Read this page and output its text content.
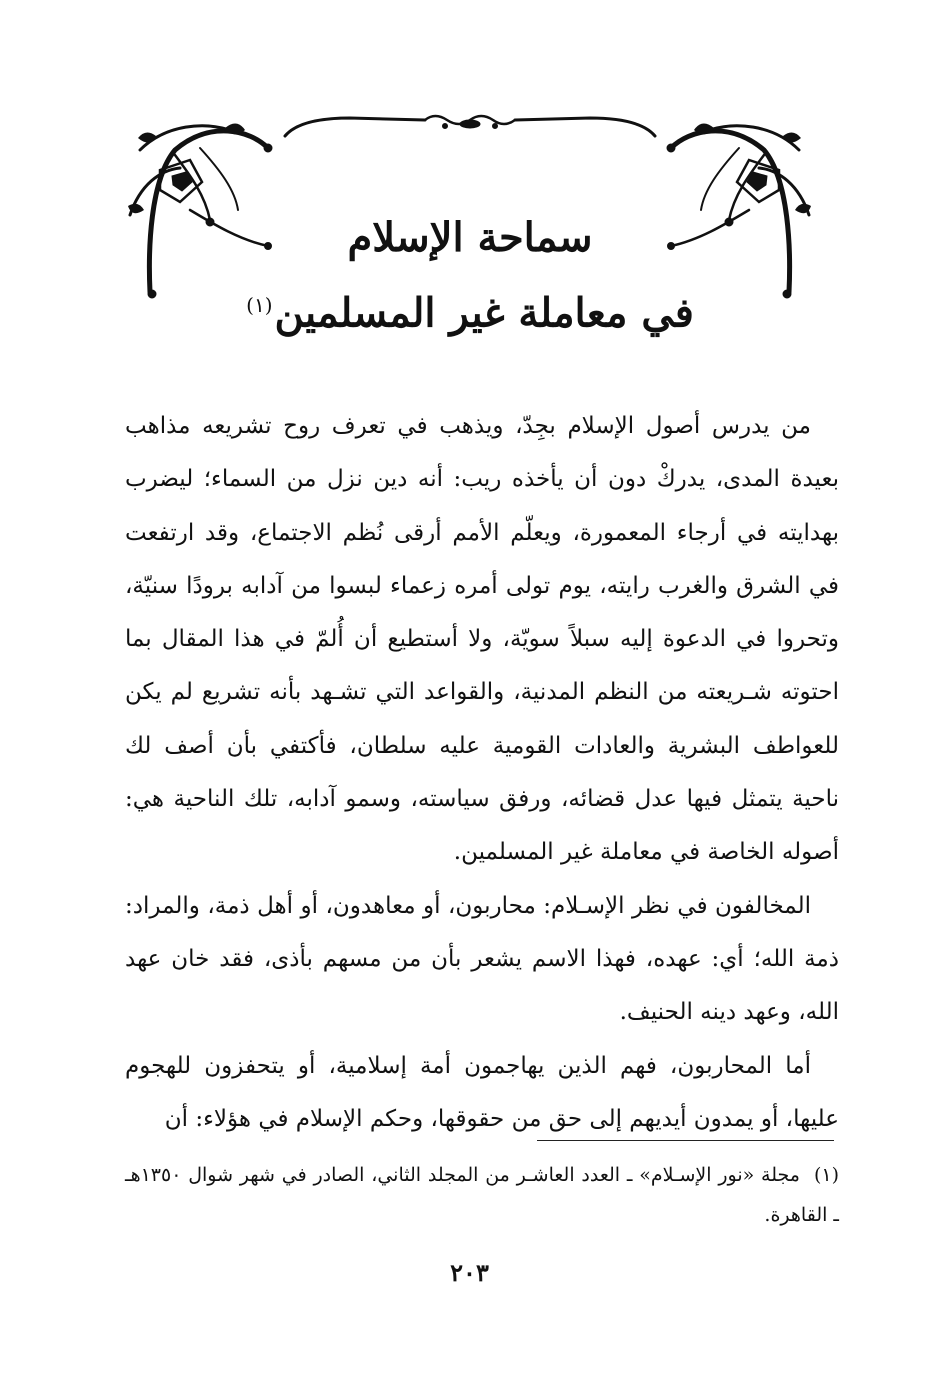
سماحة الإسلام
في معاملة غير المسلمين$^{(١)}$

من يدرس أصول الإسلام بجِدّ، ويذهب في تعرف روح تشريعه مذاهب بعيدة المدى، يدركْ دون أن يأخذه ريب: أنه دين نزل من السماء؛ ليضرب بهدايته في أرجاء المعمورة، ويعلّم الأمم أرقى نُظم الاجتماع، وقد ارتفعت في الشرق والغرب رايته، يوم تولى أمره زعماء لبسوا من آدابه برودًا سنيّة، وتحروا في الدعوة إليه سبلاً سويّة، ولا أستطيع أن أُلمّ في هذا المقال بما احتوته شـريعته من النظم المدنية، والقواعد التي تشـهد بأنه تشريع لم يكن للعواطف البشرية والعادات القومية عليه سلطان، فأكتفي بأن أصف لك ناحية يتمثل فيها عدل قضائه، ورفق سياسته، وسمو آدابه، تلك الناحية هي: أصوله الخاصة في معاملة غير المسلمين.

المخالفون في نظر الإسـلام: محاربون، أو معاهدون، أو أهل ذمة، والمراد: ذمة الله؛ أي: عهده، فهذا الاسم يشعر بأن من مسهم بأذى، فقد خان عهد الله، وعهد دينه الحنيف.

أما المحاربون، فهم الذين يهاجمون أمة إسلامية، أو يتحفزون للهجوم عليها، أو يمدون أيديهم إلى حق من حقوقها، وحكم الإسلام في هؤلاء: أن

(١)مجلة «نور الإسـلام» ـ العدد العاشـر من المجلد الثاني، الصادر في شهر شوال ١٣٥٠هـ ـ القاهرة.

٢٠٣
